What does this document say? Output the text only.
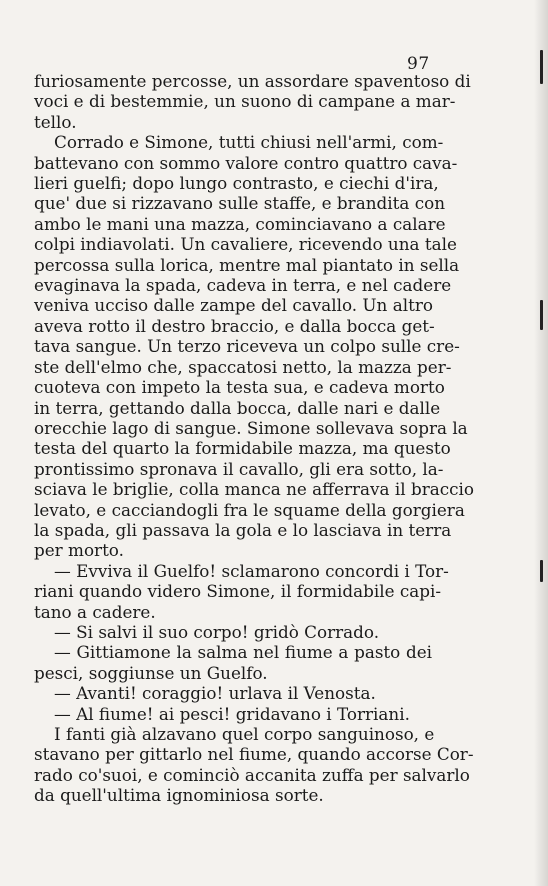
97
furiosamente percosse, un assordare spaventoso di
voci e di bestemmie, un suono di campane a mar-
tello.
Corrado e Simone, tutti chiusi nell'armi, com-
battevano con sommo valore contro quattro cava-
lieri guelfi; dopo lungo contrasto, e ciechi d'ira,
que' due si rizzavano sulle staffe, e brandita con
ambo le mani una mazza, cominciavano a calare
colpi indiavolati. Un cavaliere, ricevendo una tale
percossa sulla lorica, mentre mal piantato in sella
evaginava la spada, cadeva in terra, e nel cadere
veniva ucciso dalle zampe del cavallo. Un altro
aveva rotto il destro braccio, e dalla bocca get-
tava sangue. Un terzo riceveva un colpo sulle cre-
ste dell'elmo che, spaccatosi netto, la mazza per-
cuoteva con impeto la testa sua, e cadeva morto
in terra, gettando dalla bocca, dalle nari e dalle
orecchie lago di sangue. Simone sollevava sopra la
testa del quarto la formidabile mazza, ma questo
prontissimo spronava il cavallo, gli era sotto, la-
sciava le briglie, colla manca ne afferrava il braccio
levato, e cacciandogli fra le squame della gorgiera
la spada, gli passava la gola e lo lasciava in terra
per morto.
— Evviva il Guelfo! sclamarono concordi i Tor-
riani quando videro Simone, il formidabile capi-
tano a cadere.
— Si salvi il suo corpo! gridò Corrado.
— Gittiamone la salma nel fiume a pasto dei
pesci, soggiunse un Guelfo.
— Avanti! coraggio! urlava il Venosta.
— Al fiume! ai pesci! gridavano i Torriani.
I fanti già alzavano quel corpo sanguinoso, e
stavano per gittarlo nel fiume, quando accorse Cor-
rado co'suoi, e cominciò accanita zuffa per salvarlo
da quell'ultima ignominiosa sorte.
